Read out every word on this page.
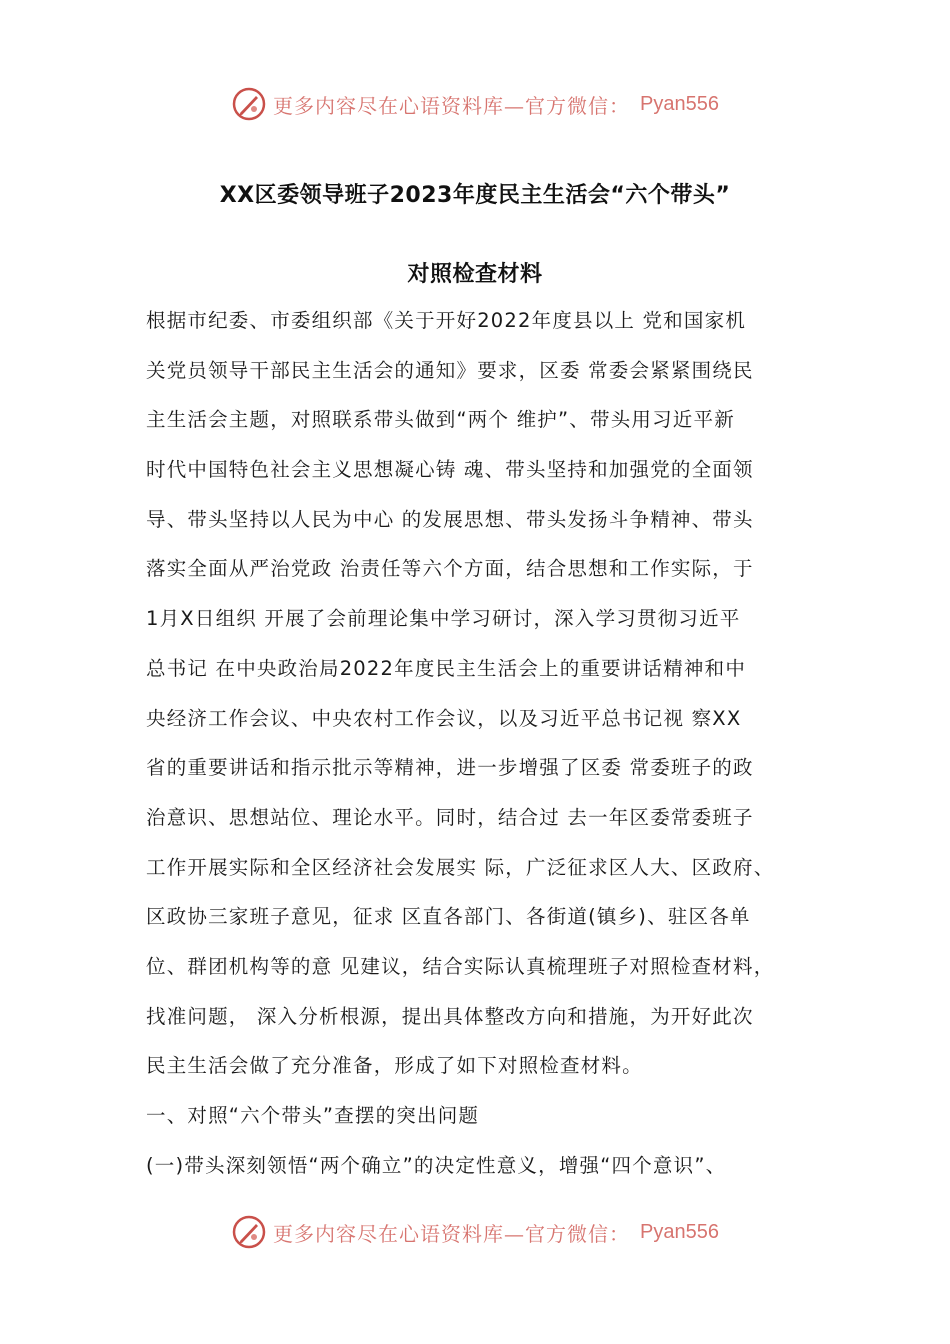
更多内容尽在心语资料库—官方微信： Pyan556
XX区委领导班子2023年度民主生活会“六个带头”
对照检查材料
根据市纪委、市委组织部《关于开好2022年度县以上 党和国家机
关党员领导干部民主生活会的通知》要求，区委 常委会紧紧围绕民
主生活会主题，对照联系带头做到“两个 维护”、带头用习近平新
时代中国特色社会主义思想凝心铸 魂、带头坚持和加强党的全面领
导、带头坚持以人民为中心 的发展思想、带头发扬斗争精神、带头
落实全面从严治党政 治责任等六个方面，结合思想和工作实际，于
1月X日组织 开展了会前理论集中学习研讨，深入学习贯彻习近平
总书记 在中央政治局2022年度民主生活会上的重要讲话精神和中
央经济工作会议、中央农村工作会议，以及习近平总书记视 察XX
省的重要讲话和指示批示等精神，进一步增强了区委 常委班子的政
治意识、思想站位、理论水平。同时，结合过 去一年区委常委班子
工作开展实际和全区经济社会发展实 际，广泛征求区人大、区政府、
区政协三家班子意见，征求 区直各部门、各街道(镇乡)、驻区各单
位、群团机构等的意 见建议，结合实际认真梳理班子对照检查材料，
找准问题， 深入分析根源，提出具体整改方向和措施，为开好此次
民主生活会做了充分准备，形成了如下对照检查材料。
一、对照“六个带头”查摆的突出问题
(一)带头深刻领悟“两个确立”的决定性意义，增强“四个意识”、
更多内容尽在心语资料库—官方微信： Pyan556
